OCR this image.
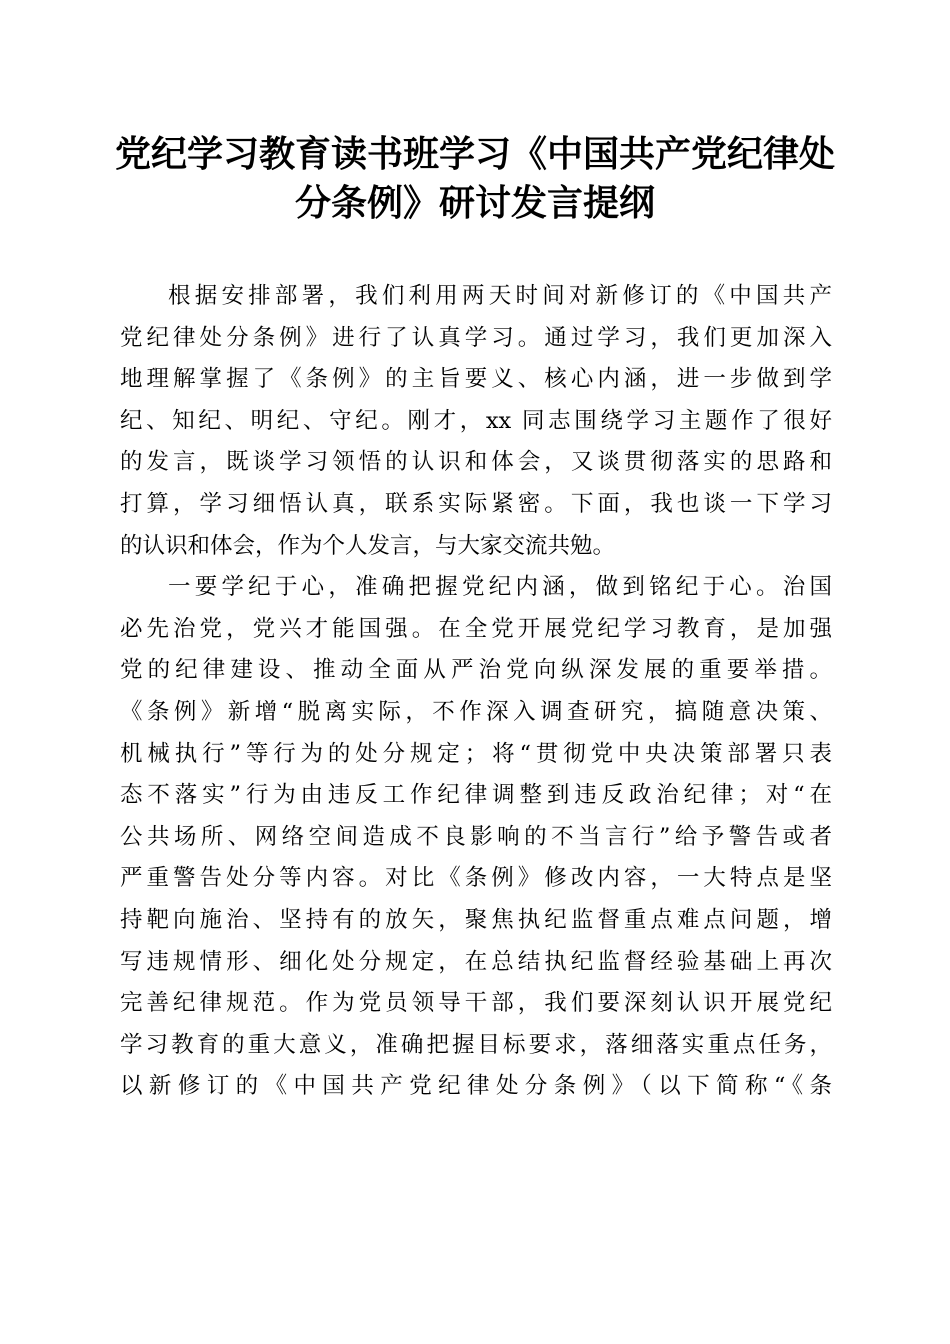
党纪学习教育读书班学习《中国共产党纪律处
分条例》研讨发言提纲
根据安排部署，我们利用两天时间对新修订的《中国共产
党纪律处分条例》进行了认真学习。通过学习，我们更加深入
地理解掌握了《条例》的主旨要义、核心内涵，进一步做到学
纪、知纪、明纪、守纪。刚才，xx 同志围绕学习主题作了很好
的发言，既谈学习领悟的认识和体会，又谈贯彻落实的思路和
打算，学习细悟认真，联系实际紧密。下面，我也谈一下学习
的认识和体会，作为个人发言，与大家交流共勉。
一要学纪于心，准确把握党纪内涵，做到铭纪于心。治国
必先治党，党兴才能国强。在全党开展党纪学习教育，是加强
党的纪律建设、推动全面从严治党向纵深发展的重要举措。
《条例》新增“脱离实际，不作深入调查研究，搞随意决策、
机械执行”等行为的处分规定；将“贯彻党中央决策部署只表
态不落实”行为由违反工作纪律调整到违反政治纪律；对“在
公共场所、网络空间造成不良影响的不当言行”给予警告或者
严重警告处分等内容。对比《条例》修改内容，一大特点是坚
持靶向施治、坚持有的放矢，聚焦执纪监督重点难点问题，增
写违规情形、细化处分规定，在总结执纪监督经验基础上再次
完善纪律规范。作为党员领导干部，我们要深刻认识开展党纪
学习教育的重大意义，准确把握目标要求，落细落实重点任务，
以新修订的《中国共产党纪律处分条例》（以下简称“《条
